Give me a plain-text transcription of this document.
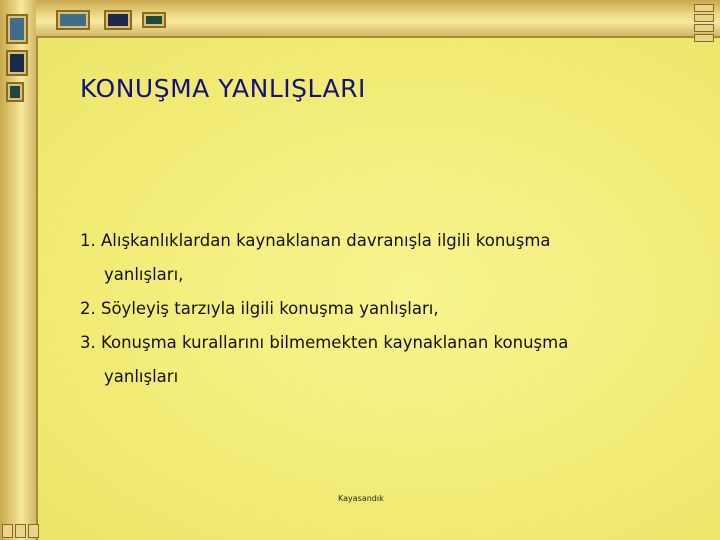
KONUŞMA YANLIŞLARI

1. Alışkanlıklardan kaynaklanan davranışla ilgili konuşma

yanlışları,

2. Söyleyiş tarzıyla ilgili konuşma yanlışları,

3. Konuşma kurallarını bilmemekten kaynaklanan konuşma

yanlışları

Kayasandık
